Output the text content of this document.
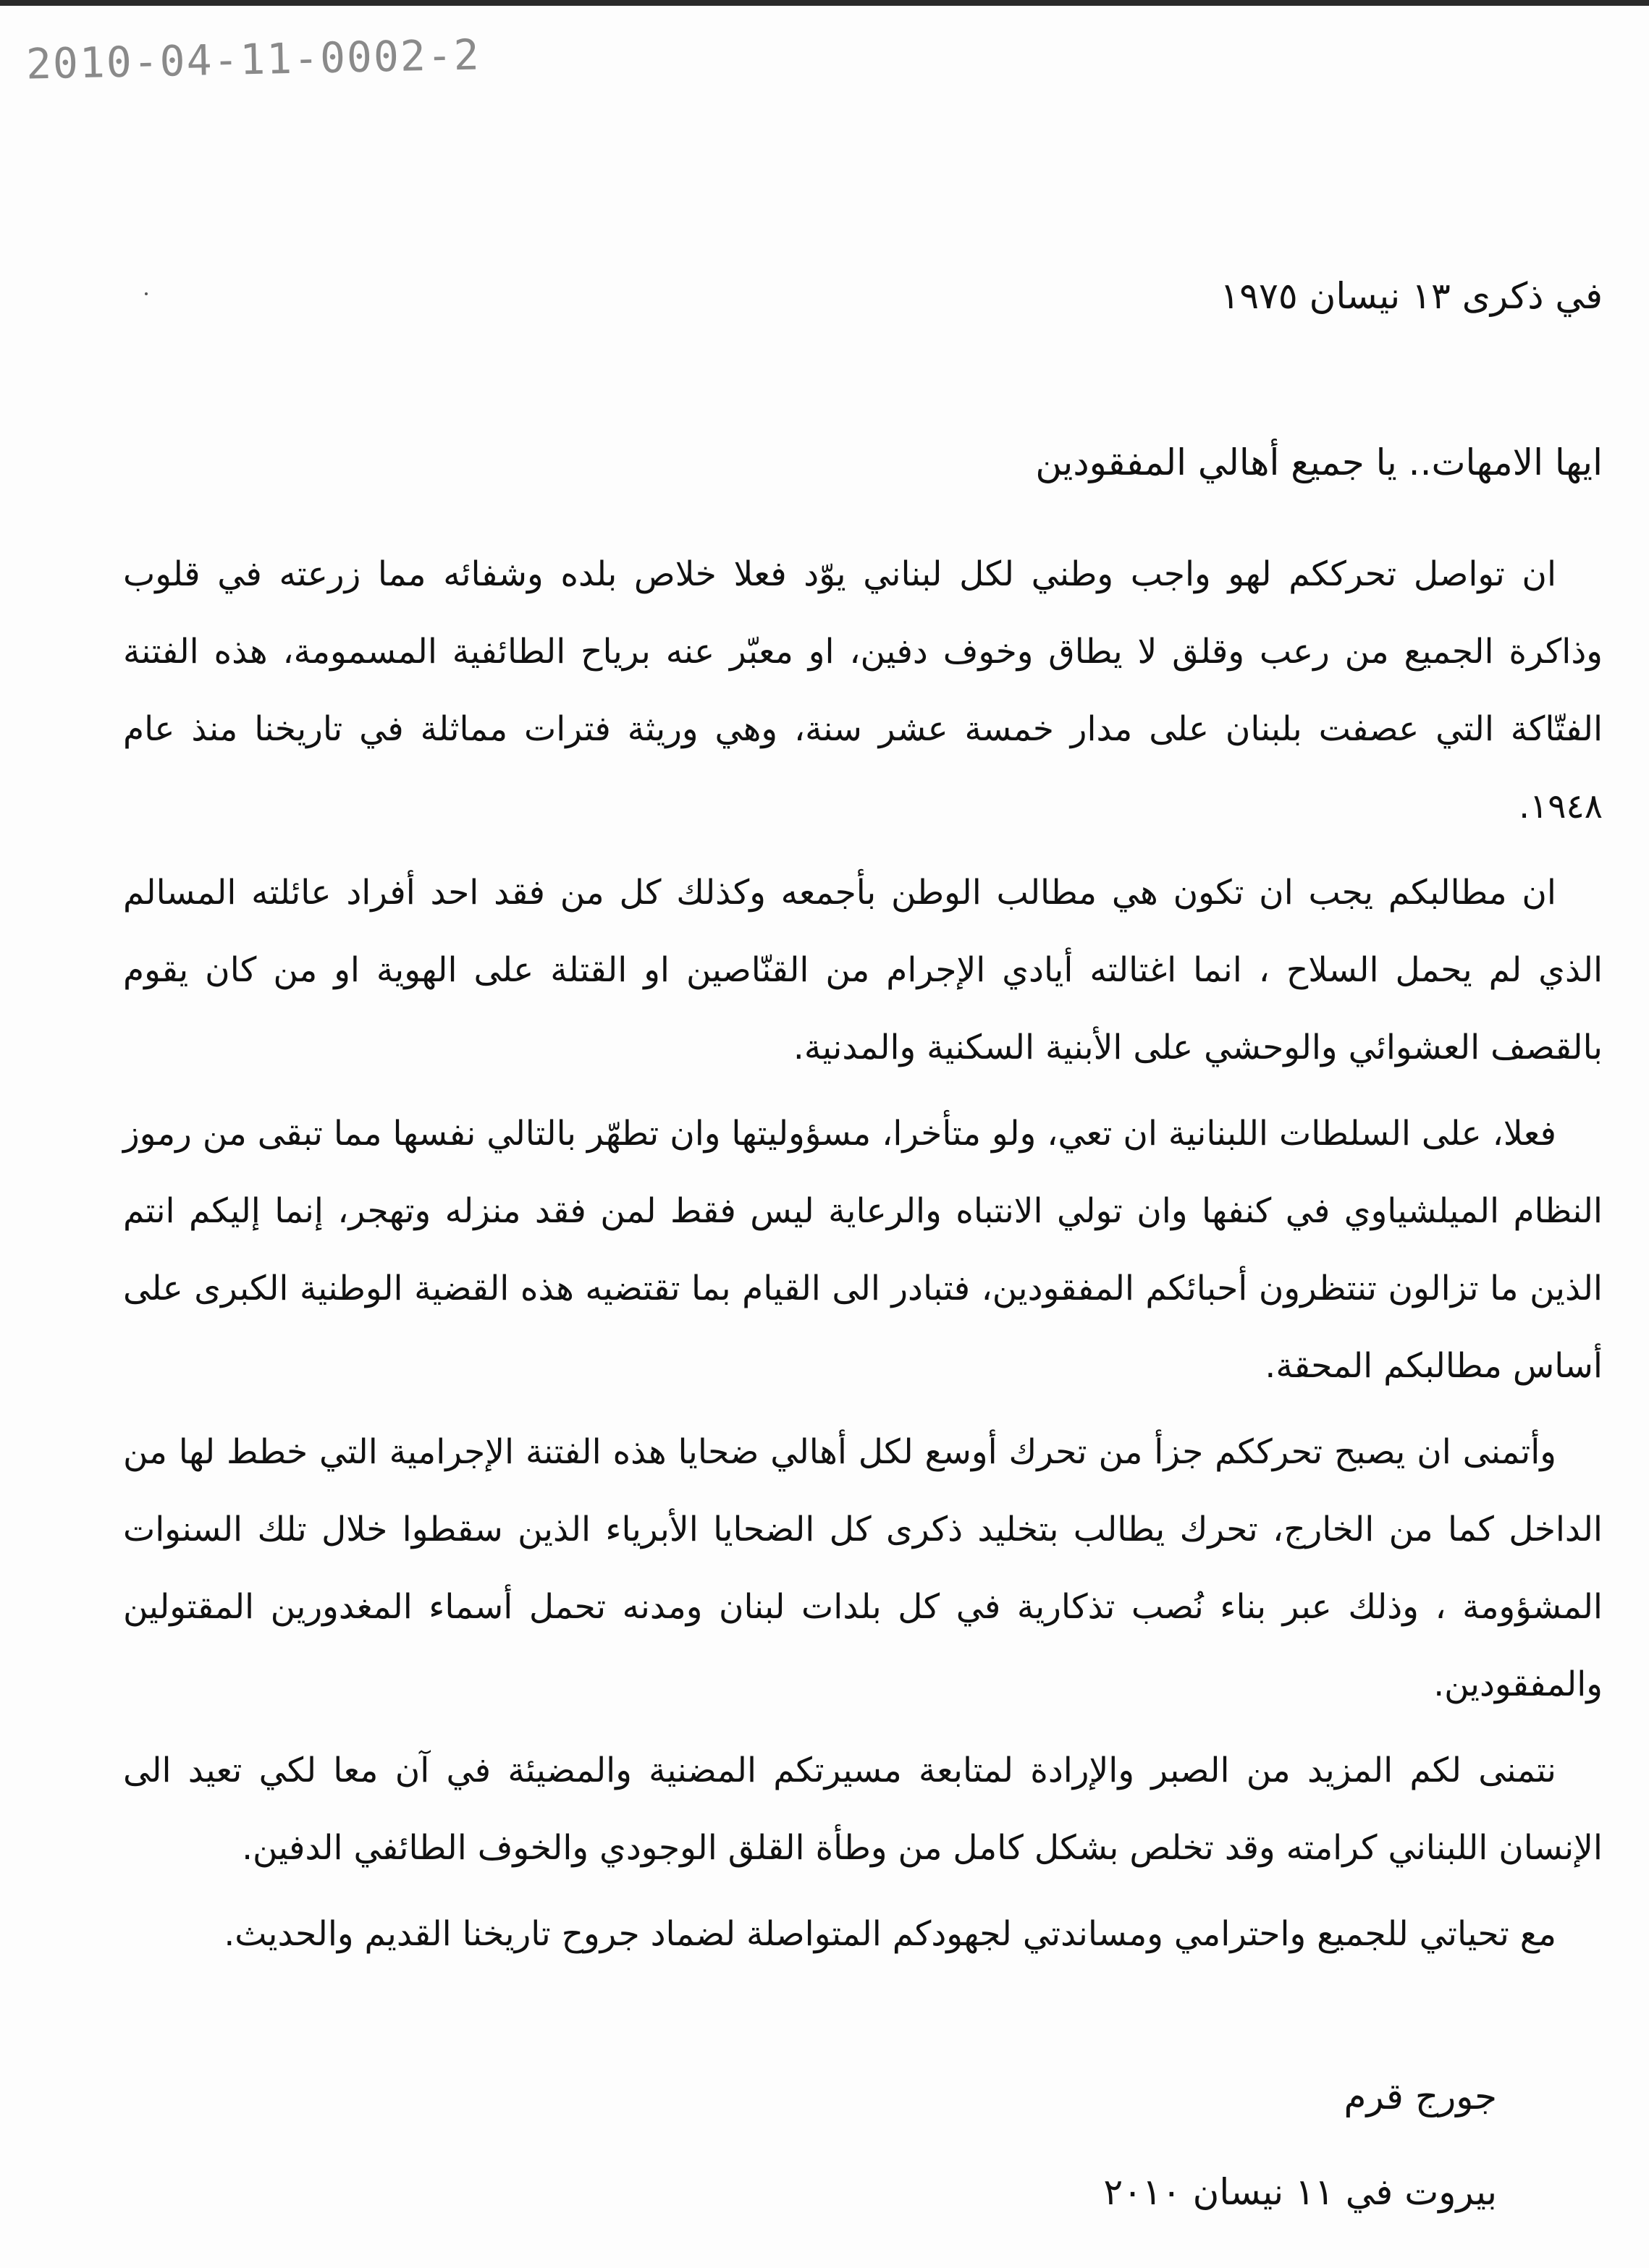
2010-04-11-0002-2
في ذكرى ١٣ نيسان ١٩٧٥
ايها الامهات.. يا جميع أهالي المفقودين

ان تواصل تحرككم لهو واجب وطني لكل لبناني يوّد فعلا خلاص بلده وشفائه مما زرعته في قلوب وذاكرة الجميع من رعب وقلق لا يطاق وخوف دفين، او معبّر عنه برياح الطائفية المسمومة، هذه الفتنة الفتّاكة التي عصفت بلبنان على مدار خمسة عشر سنة، وهي وريثة فترات مماثلة في تاريخنا منذ عام ١٩٤٨.

ان مطالبكم يجب ان تكون هي مطالب الوطن بأجمعه وكذلك كل من فقد احد أفراد عائلته المسالم الذي لم يحمل السلاح ، انما اغتالته أيادي الإجرام من القنّاصين او القتلة على الهوية او من كان يقوم بالقصف العشوائي والوحشي على الأبنية السكنية والمدنية.

فعلا، على السلطات اللبنانية ان تعي، ولو متأخرا، مسؤوليتها وان تطهّر بالتالي نفسها مما تبقى من رموز النظام الميلشياوي في كنفها وان تولي الانتباه والرعاية ليس فقط لمن فقد منزله وتهجر، إنما إليكم انتم الذين ما تزالون تنتظرون أحبائكم المفقودين، فتبادر الى القيام بما تقتضيه هذه القضية الوطنية الكبرى على أساس مطالبكم المحقة.

وأتمنى ان يصبح تحرككم جزأ من تحرك أوسع لكل أهالي ضحايا هذه الفتنة الإجرامية التي خطط لها من الداخل كما من الخارج، تحرك يطالب بتخليد ذكرى كل الضحايا الأبرياء الذين سقطوا خلال تلك السنوات المشؤومة ، وذلك عبر بناء نُصب تذكارية في كل بلدات لبنان ومدنه تحمل أسماء المغدورين المقتولين والمفقودين.

نتمنى لكم المزيد من الصبر والإرادة لمتابعة مسيرتكم المضنية والمضيئة في آن معا لكي تعيد الى الإنسان اللبناني كرامته وقد تخلص بشكل كامل من وطأة القلق الوجودي والخوف الطائفي الدفين.

مع تحياتي للجميع واحترامي ومساندتي لجهودكم المتواصلة لضماد جروح تاريخنا القديم والحديث.

جورج قرم
بيروت في ١١ نيسان ٢٠١٠
